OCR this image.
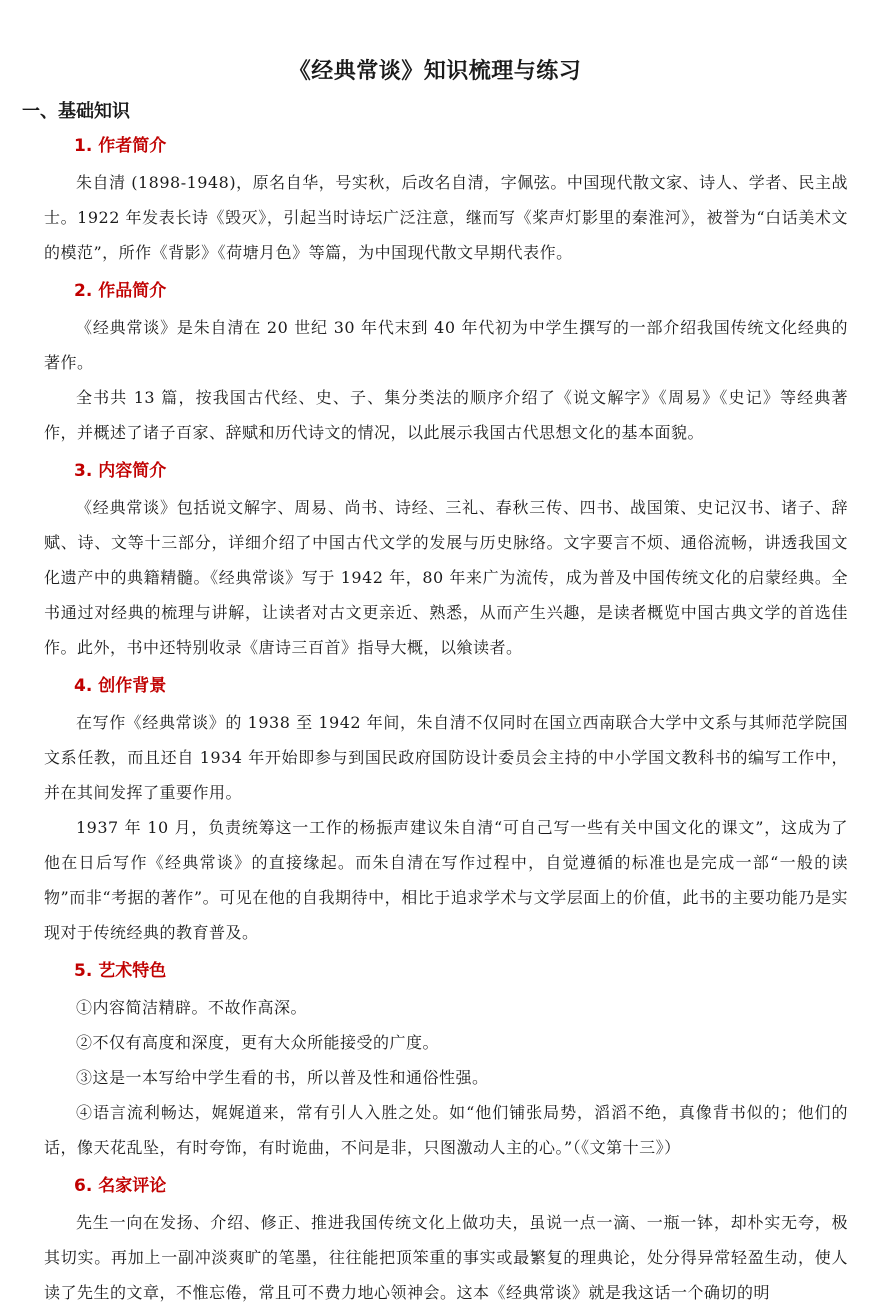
《经典常谈》知识梳理与练习
一、基础知识
1. 作者简介

朱自清 (1898-1948)，原名自华，号实秋，后改名自清，字佩弦。中国现代散文家、诗人、学者、民主战士。1922 年发表长诗《毁灭》，引起当时诗坛广泛注意，继而写《桨声灯影里的秦淮河》，被誉为“白话美术文的模范”，所作《背影》《荷塘月色》等篇，为中国现代散文早期代表作。

2. 作品简介

《经典常谈》是朱自清在 20 世纪 30 年代末到 40 年代初为中学生撰写的一部介绍我国传统文化经典的著作。

全书共 13 篇，按我国古代经、史、子、集分类法的顺序介绍了《说文解字》《周易》《史记》等经典著作，并概述了诸子百家、辞赋和历代诗文的情况，以此展示我国古代思想文化的基本面貌。

3. 内容简介

《经典常谈》包括说文解字、周易、尚书、诗经、三礼、春秋三传、四书、战国策、史记汉书、诸子、辞赋、诗、文等十三部分，详细介绍了中国古代文学的发展与历史脉络。文字要言不烦、通俗流畅，讲透我国文化遗产中的典籍精髓。《经典常谈》写于 1942 年，80 年来广为流传，成为普及中国传统文化的启蒙经典。全书通过对经典的梳理与讲解，让读者对古文更亲近、熟悉，从而产生兴趣，是读者概览中国古典文学的首选佳作。此外，书中还特别收录《唐诗三百首》指导大概，以飨读者。

4. 创作背景

在写作《经典常谈》的 1938 至 1942 年间，朱自清不仅同时在国立西南联合大学中文系与其师范学院国文系任教，而且还自 1934 年开始即参与到国民政府国防设计委员会主持的中小学国文教科书的编写工作中，并在其间发挥了重要作用。

1937 年 10 月，负责统筹这一工作的杨振声建议朱自清“可自己写一些有关中国文化的课文”，这成为了他在日后写作《经典常谈》的直接缘起。而朱自清在写作过程中，自觉遵循的标准也是完成一部“一般的读物”而非“考据的著作”。可见在他的自我期待中，相比于追求学术与文学层面上的价值，此书的主要功能乃是实现对于传统经典的教育普及。

5. 艺术特色

①内容简洁精辟。不故作高深。

②不仅有高度和深度，更有大众所能接受的广度。

③这是一本写给中学生看的书，所以普及性和通俗性强。

④语言流利畅达，娓娓道来，常有引人入胜之处。如“他们铺张局势，滔滔不绝，真像背书似的；他们的话，像天花乱坠，有时夸饰，有时诡曲，不问是非，只图激动人主的心。”（《文第十三》）

6. 名家评论

先生一向在发扬、介绍、修正、推进我国传统文化上做功夫，虽说一点一滴、一瓶一钵，却朴实无夸，极其切实。再加上一副冲淡爽旷的笔墨，往往能把顶笨重的事实或最繁复的理典论，处分得异常轻盈生动，使人读了先生的文章，不惟忘倦，常且可不费力地心领神会。这本《经典常谈》就是我这话一个确切的明
